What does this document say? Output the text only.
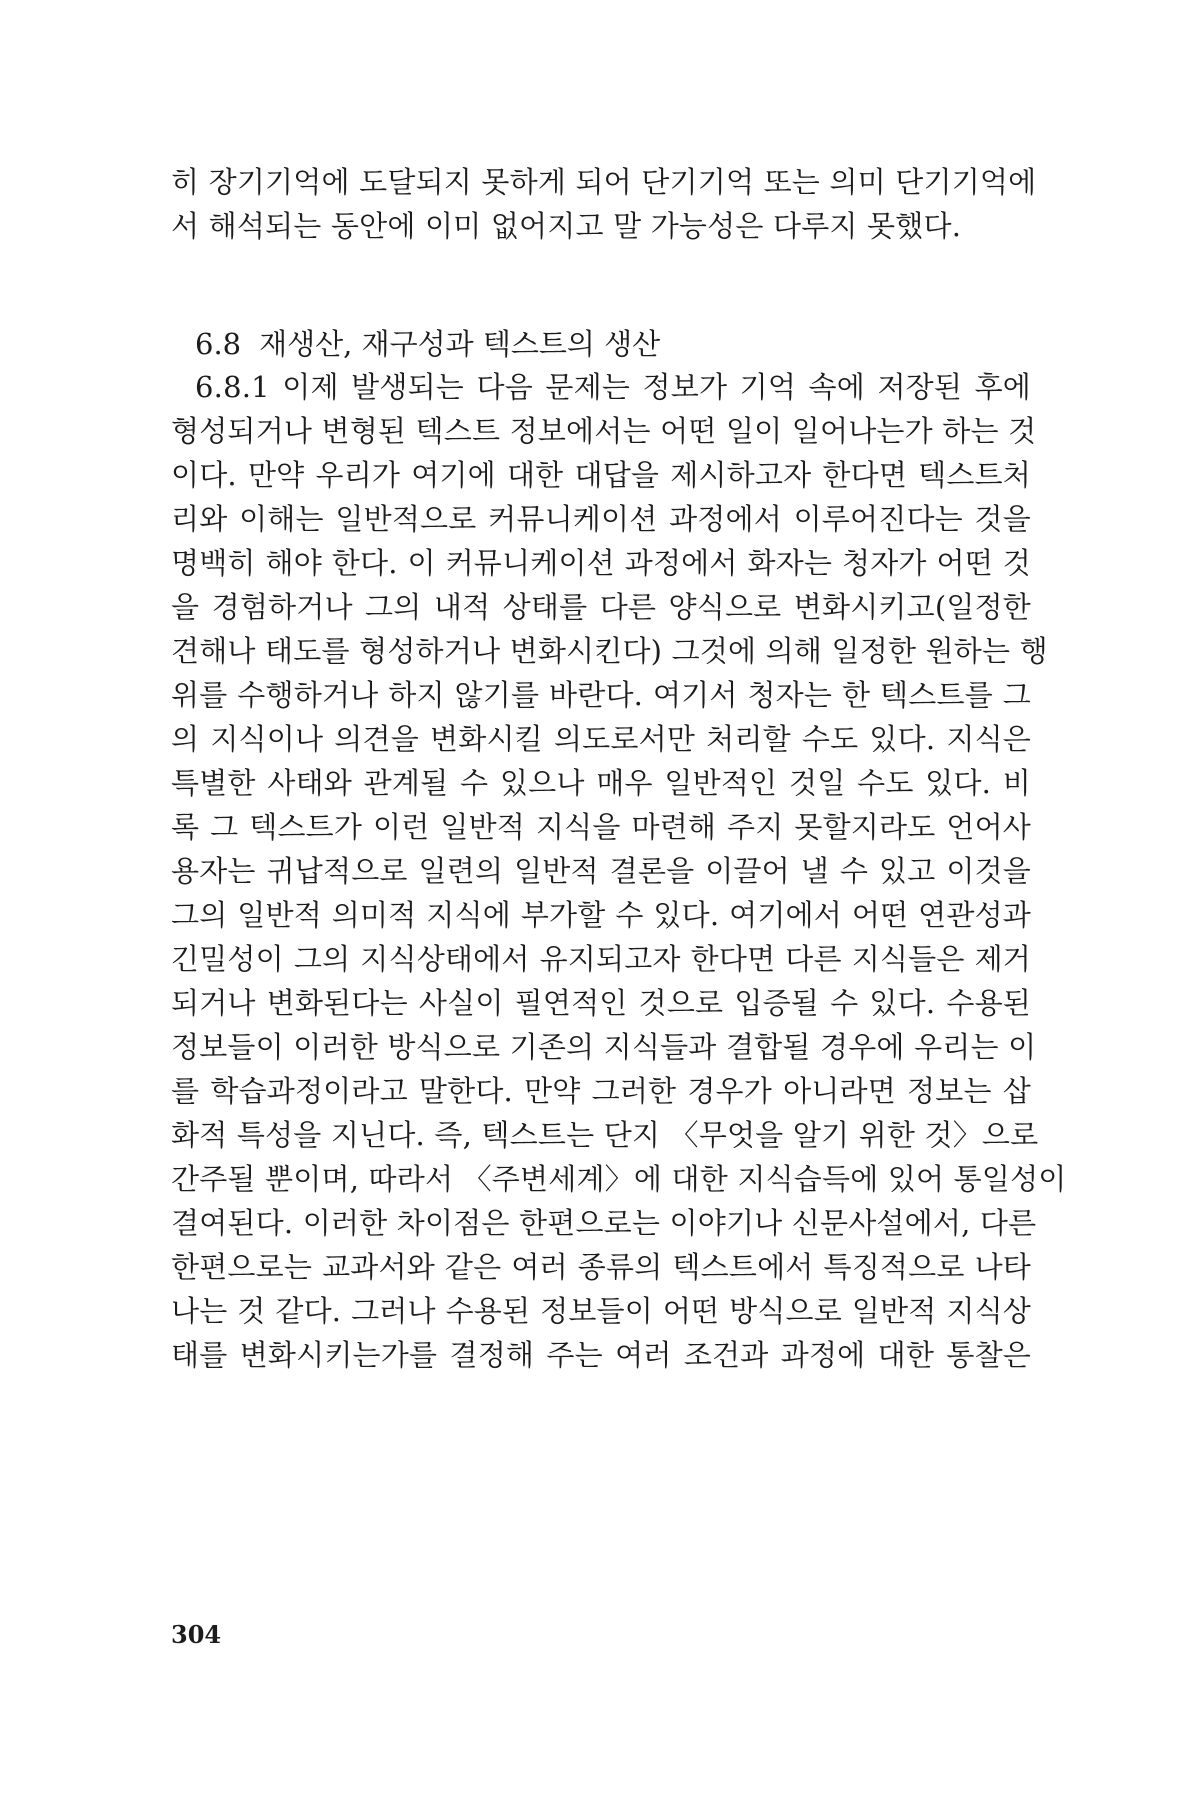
히 장기기억에 도달되지 못하게 되어 단기기억 또는 의미 단기기억에
서 해석되는 동안에 이미 없어지고 말 가능성은 다루지 못했다.
6.8 재생산, 재구성과 텍스트의 생산
6.8.1 이제 발생되는 다음 문제는 정보가 기억 속에 저장된 후에
형성되거나 변형된 텍스트 정보에서는 어떤 일이 일어나는가 하는 것
이다. 만약 우리가 여기에 대한 대답을 제시하고자 한다면 텍스트처
리와 이해는 일반적으로 커뮤니케이션 과정에서 이루어진다는 것을
명백히 해야 한다. 이 커뮤니케이션 과정에서 화자는 청자가 어떤 것
을 경험하거나 그의 내적 상태를 다른 양식으로 변화시키고(일정한
견해나 태도를 형성하거나 변화시킨다) 그것에 의해 일정한 원하는 행
위를 수행하거나 하지 않기를 바란다. 여기서 청자는 한 텍스트를 그
의 지식이나 의견을 변화시킬 의도로서만 처리할 수도 있다. 지식은
특별한 사태와 관계될 수 있으나 매우 일반적인 것일 수도 있다. 비
록 그 텍스트가 이런 일반적 지식을 마련해 주지 못할지라도 언어사
용자는 귀납적으로 일련의 일반적 결론을 이끌어 낼 수 있고 이것을
그의 일반적 의미적 지식에 부가할 수 있다. 여기에서 어떤 연관성과
긴밀성이 그의 지식상태에서 유지되고자 한다면 다른 지식들은 제거
되거나 변화된다는 사실이 필연적인 것으로 입증될 수 있다. 수용된
정보들이 이러한 방식으로 기존의 지식들과 결합될 경우에 우리는 이
를 학습과정이라고 말한다. 만약 그러한 경우가 아니라면 정보는 삽
화적 특성을 지닌다. 즉, 텍스트는 단지 〈무엇을 알기 위한 것〉으로
간주될 뿐이며, 따라서 〈주변세계〉에 대한 지식습득에 있어 통일성이
결여된다. 이러한 차이점은 한편으로는 이야기나 신문사설에서, 다른
한편으로는 교과서와 같은 여러 종류의 텍스트에서 특징적으로 나타
나는 것 같다. 그러나 수용된 정보들이 어떤 방식으로 일반적 지식상
태를 변화시키는가를 결정해 주는 여러 조건과 과정에 대한 통찰은
304
